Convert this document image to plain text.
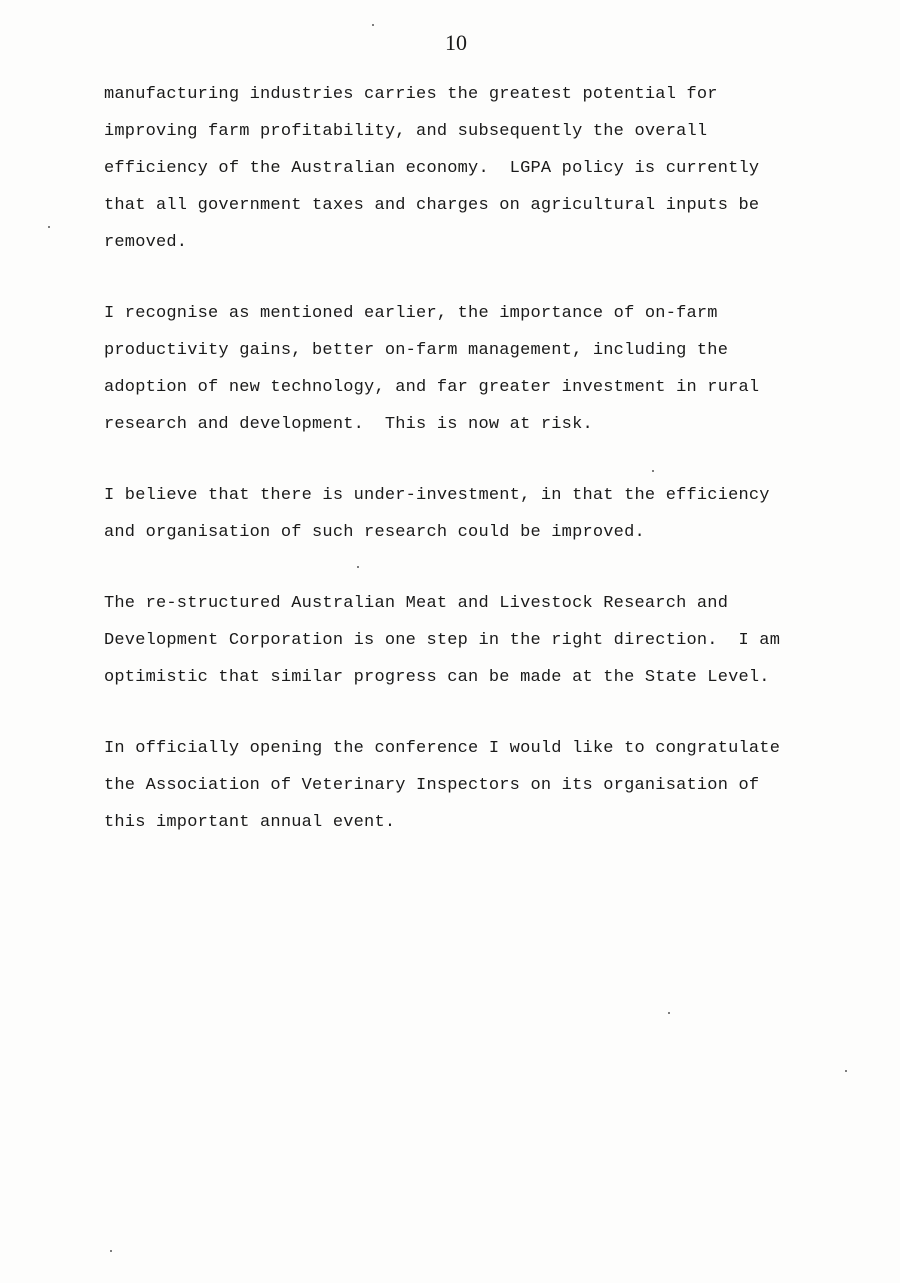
10
manufacturing industries carries the greatest potential for
improving farm profitability, and subsequently the overall
efficiency of the Australian economy.  LGPA policy is currently
that all government taxes and charges on agricultural inputs be
removed.
I recognise as mentioned earlier, the importance of on-farm
productivity gains, better on-farm management, including the
adoption of new technology, and far greater investment in rural
research and development.  This is now at risk.
I believe that there is under-investment, in that the efficiency
and organisation of such research could be improved.
The re-structured Australian Meat and Livestock Research and
Development Corporation is one step in the right direction.  I am
optimistic that similar progress can be made at the State Level.
In officially opening the conference I would like to congratulate
the Association of Veterinary Inspectors on its organisation of
this important annual event.
